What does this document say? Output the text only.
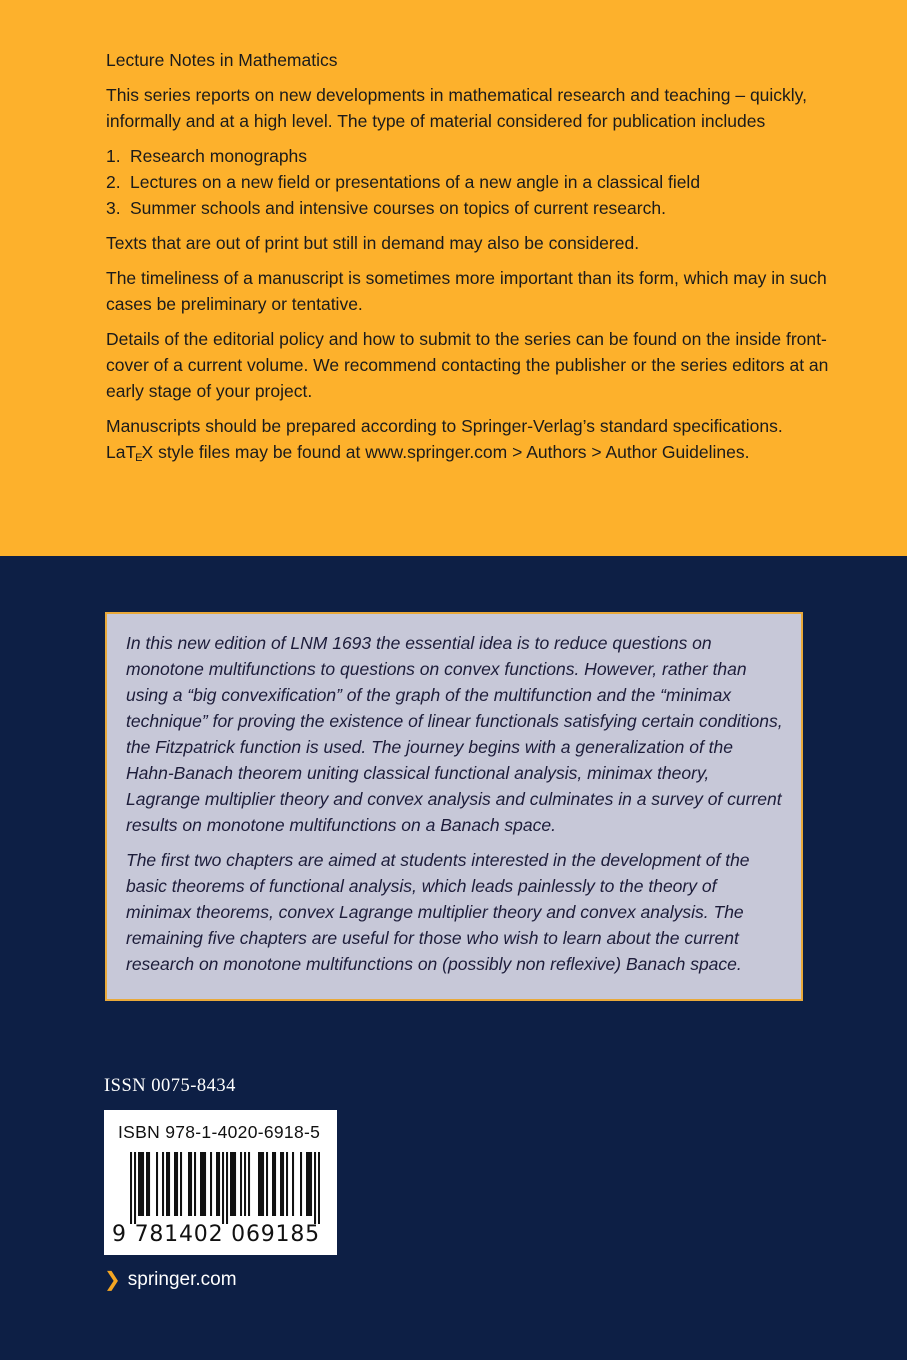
Lecture Notes in Mathematics

This series reports on new developments in mathematical research and teaching – quickly, informally and at a high level. The type of material considered for publication includes

1. Research monographs
2. Lectures on a new field or presentations of a new angle in a classical field
3. Summer schools and intensive courses on topics of current research.

Texts that are out of print but still in demand may also be considered.

The timeliness of a manuscript is sometimes more important than its form, which may in such cases be preliminary or tentative.

Details of the editorial policy and how to submit to the series can be found on the inside front-cover of a current volume. We recommend contacting the publisher or the series editors at an early stage of your project.

Manuscripts should be prepared according to Springer-Verlag’s standard specifications.
LaTEX style files may be found at www.springer.com > Authors > Author Guidelines.

In this new edition of LNM 1693 the essential idea is to reduce questions on monotone multifunctions to questions on convex functions. However, rather than using a “big convexification” of the graph of the multifunction and the “minimax technique” for proving the existence of linear functionals satisfying certain conditions, the Fitzpatrick function is used. The journey begins with a generalization of the Hahn-Banach theorem uniting classical functional analysis, minimax theory, Lagrange multiplier theory and convex analysis and culminates in a survey of current results on monotone multifunctions on a Banach space.

The first two chapters are aimed at students interested in the development of the basic theorems of functional analysis, which leads painlessly to the theory of minimax theorems, convex Lagrange multiplier theory and convex analysis. The remaining five chapters are useful for those who wish to learn about the current research on monotone multifunctions on (possibly non reflexive) Banach space.

ISSN 0075-8434
ISBN 978-1-4020-6918-5
9 781402 069185
❯ springer.com
